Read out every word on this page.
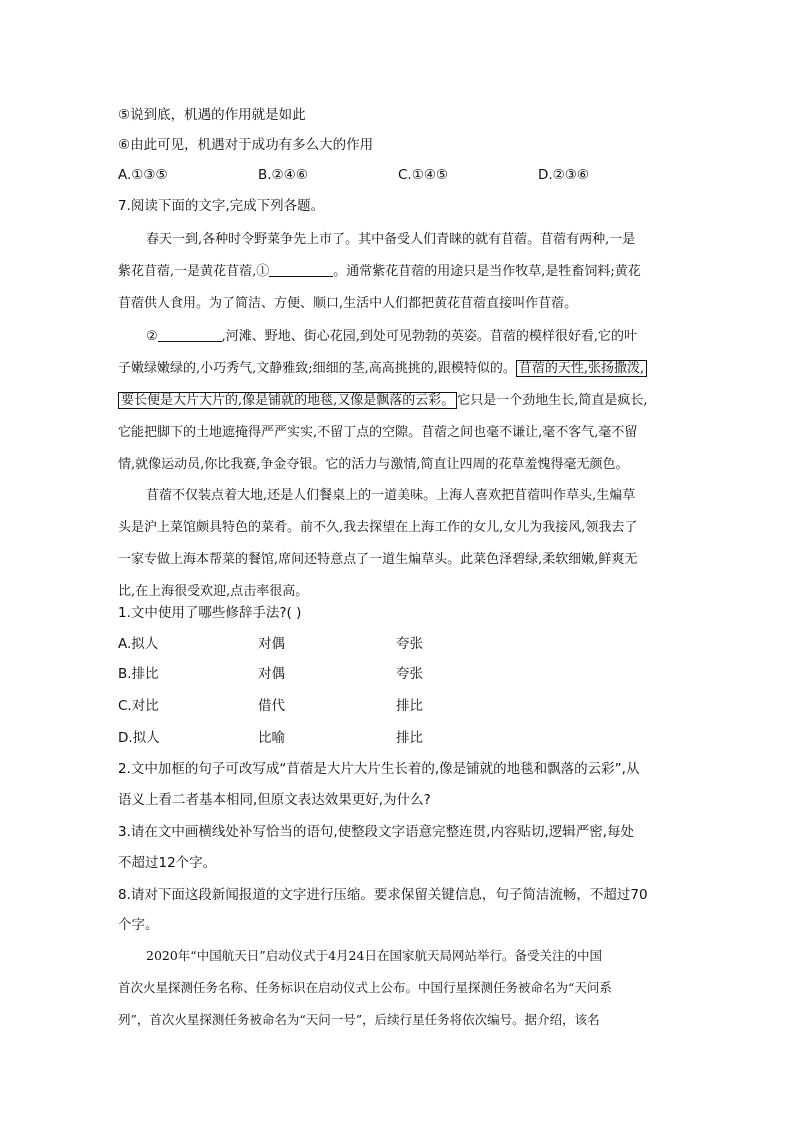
⑤说到底，机遇的作用就是如此
⑥由此可见，机遇对于成功有多么大的作用
A.①③⑤	B.②④⑥	C.①④⑤	D.②③⑥
7.阅读下面的文字,完成下列各题。
春天一到,各种时令野菜争先上市了。其中备受人们青睐的就有苜蓿。苜蓿有两种,一是
紫花苜蓿,一是黄花苜蓿,①	。通常紫花苜蓿的用途只是当作牧草,是牲畜饲料;黄花
苜蓿供人食用。为了简洁、方便、顺口,生活中人们都把黄花苜蓿直接叫作苜蓿。
②	,河滩、野地、街心花园,到处可见勃勃的英姿。苜蓿的模样很好看,它的叶
子嫩绿嫩绿的,小巧秀气,文静雅致;细细的茎,高高挑挑的,跟模特似的。 苜蓿的天性,张扬撒泼,
要长便是大片大片的,像是铺就的地毯,又像是飘落的云彩。 它只是一个劲地生长,简直是疯长,
它能把脚下的土地遮掩得严严实实,不留丁点的空隙。苜蓿之间也毫不谦让,毫不客气,毫不留
情,就像运动员,你比我赛,争金夺银。它的活力与激情,简直让四周的花草羞愧得毫无颜色。
苜蓿不仅装点着大地,还是人们餐桌上的一道美味。上海人喜欢把苜蓿叫作草头,生煸草
头是沪上菜馆颇具特色的菜肴。前不久,我去探望在上海工作的女儿,女儿为我接风,领我去了
一家专做上海本帮菜的餐馆,席间还特意点了一道生煸草头。此菜色泽碧绿,柔软细嫩,鲜爽无
比,在上海很受欢迎,点击率很高。
1.文中使用了哪些修辞手法?( )
A.拟人	对偶	夸张
B.排比	对偶	夸张
C.对比	借代	排比
D.拟人	比喻	排比
2.文中加框的句子可改写成“苜蓿是大片大片生长着的,像是铺就的地毯和飘落的云彩”,从
语义上看二者基本相同,但原文表达效果更好,为什么?
3.请在文中画横线处补写恰当的语句,使整段文字语意完整连贯,内容贴切,逻辑严密,每处
不超过12个字。
8.请对下面这段新闻报道的文字进行压缩。要求保留关键信息，句子简洁流畅，不超过70
个字。
2020年“中国航天日”启动仪式于4月24日在国家航天局网站举行。备受关注的中国
首次火星探测任务名称、任务标识在启动仪式上公布。中国行星探测任务被命名为“天问系
列”，首次火星探测任务被命名为“天问一号”，后续行星任务将依次编号。据介绍，该名
